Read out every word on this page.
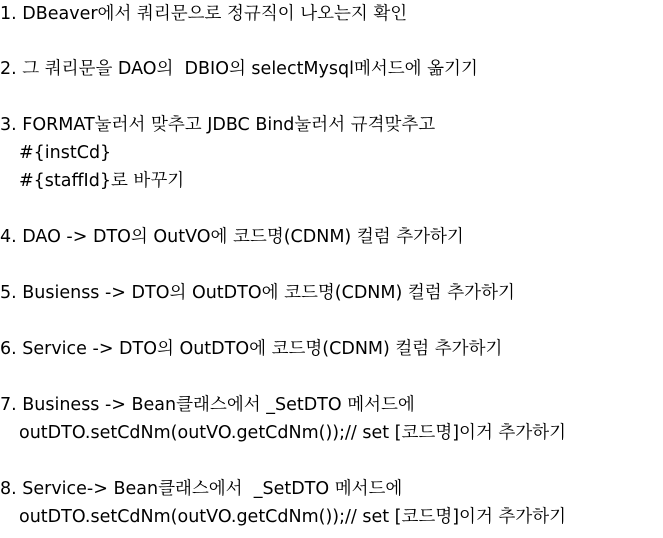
1. DBeaver에서 쿼리문으로 정규직이 나오는지 확인
2. 그 쿼리문을 DAO의  DBIO의 selectMysql메서드에 옮기기
3. FORMAT눌러서 맞추고 JDBC Bind눌러서 규격맞추고
#{instCd}
#{staffId}로 바꾸기
4. DAO -> DTO의 OutVO에 코드명(CDNM) 컬럼 추가하기
5. Busienss -> DTO의 OutDTO에 코드명(CDNM) 컬럼 추가하기
6. Service -> DTO의 OutDTO에 코드명(CDNM) 컬럼 추가하기
7. Business -> Bean클래스에서 _SetDTO 메서드에
outDTO.setCdNm(outVO.getCdNm());// set [코드명]이거 추가하기
8. Service-> Bean클래스에서  _SetDTO 메서드에
outDTO.setCdNm(outVO.getCdNm());// set [코드명]이거 추가하기
